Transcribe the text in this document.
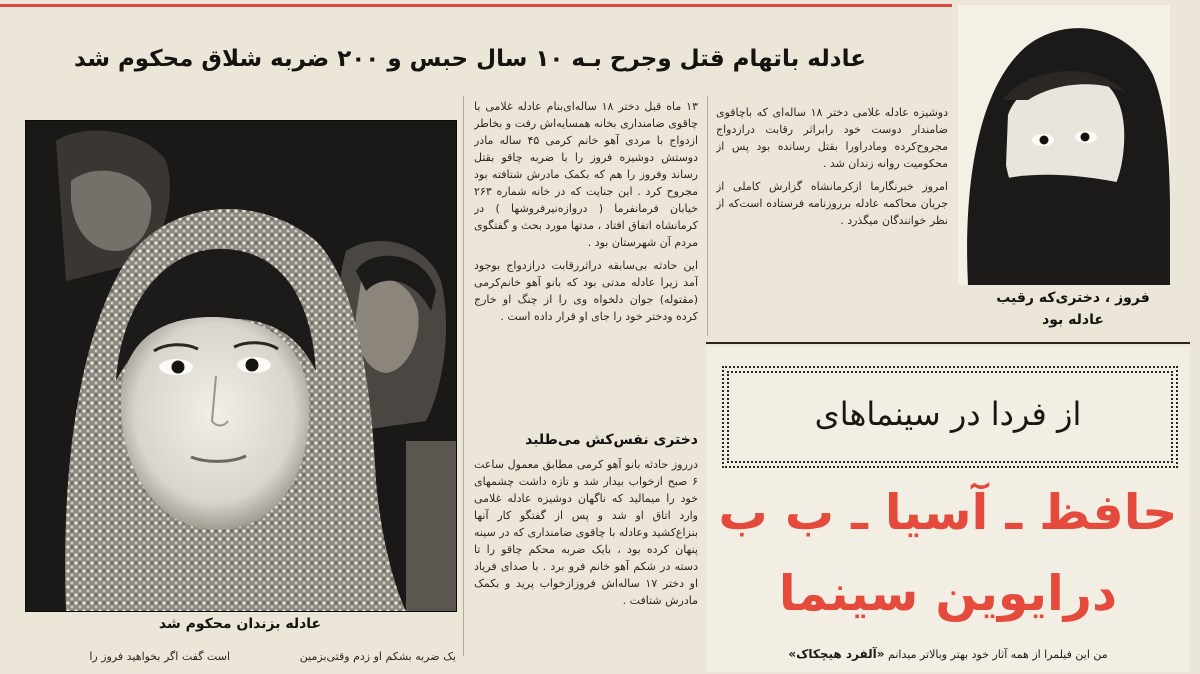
عادله باتهام قتل وجرح بـه ۱۰ سال حبس و ۲۰۰ ضربه شلاق محکوم شد
عادله بزندان محکوم شد

۱۳ ماه قبل دختر ۱۸ ساله‌ای‌بنام عادله غلامی با چاقوی ضامنداری بخانه همسایه‌اش رفت و بخاطر ازدواج با مردی آهو خانم کرمی ۴۵ ساله مادر دوستش دوشیزه فروز را با ضربه چاقو بقتل رساند وفروز را هم که بکمک مادرش شتافته بود مجروح کرد . این جنایت که در خانه شماره ۲۶۳ خیابان فرمانفرما ( دروازه‌نیرفروشها ) در کرمانشاه اتفاق افتاد ، مدتها مورد بحث و گفتگوی مردم آن شهرستان بود .

این حادثه بی‌سابقه دراثررقابت درازدواج بوجود آمد زیرا عادله مدتی بود که بانو آهو خانم‌کرمی (مقتوله) جوان دلخواه وی را از چنگ او خارج کرده ودختر خود را جای او قرار داده است .

دختری نفس‌کش می‌طلبد

درروز حادثه بانو آهو کرمی مطابق معمول ساعت ۶ صبح ازخواب بیدار شد و تازه داشت چشمهای خود را میمالید که ناگهان دوشیزه عادله غلامی وارد اتاق او شد و پس از گفتگو کار آنها بنزاع‌کشید وعادله با چاقوی ضامنداری که در سینه پنهان کرده بود ، بایک ضربه محکم چاقو را تا دسته در شکم آهو خانم فرو برد . با صدای فریاد او دختر ۱۷ ساله‌اش فروزازخواب پرید و بکمک مادرش شتافت .

دوشیزه عادله غلامی دختر ۱۸ ساله‌ای که باچاقوی ضامندار دوست خود رابراثر رقابت درازدواج مجروح‌کرده ومادراورا بقتل رسانده بود پس از محکومیت روانه زندان شد .

امروز خبرنگارما ازکرمانشاه گزارش کاملی از جریان محاکمه عادله برروزنامه فرستاده است‌که از نظر خوانندگان میگذرد .

است گفت اگر بخواهید فروز را	یک ضربه بشکم او زدم وقتی‌بزمین
فروز ، دختری‌که رقیب
عادله بود
از فردا در سینماهای
حافظ ـ آسیا ـ ب ب
درایوین سینما
من این فیلمرا از همه آثار خود بهتر وبالاتر میدانم «آلفرد هیچکاک»
